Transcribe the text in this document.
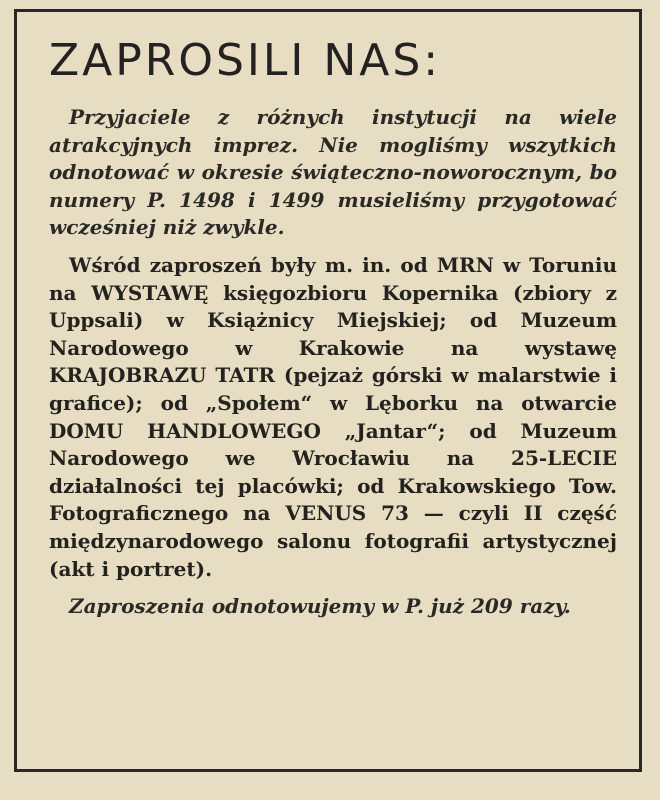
ZAPROSILI NAS:

Przyjaciele z różnych instytucji na wiele atrakcyjnych imprez. Nie mogliśmy wszytkich odnotować w okresie świąteczno-noworocznym, bo numery P. 1498 i 1499 musieliśmy przygotować wcześniej niż zwykle.

Wśród zaproszeń były m. in. od MRN w Toruniu na WYSTAWĘ księgozbioru Kopernika (zbiory z Uppsali) w Książnicy Miejskiej; od Muzeum Narodowego w Krakowie na wystawę KRAJOBRAZU TATR (pejzaż górski w malarstwie i grafice); od „Społem“ w Lęborku na otwarcie DOMU HANDLOWEGO „Jantar“; od Muzeum Narodowego we Wrocławiu na 25-LECIE działalności tej placówki; od Krakowskiego Tow. Fotograficznego na VENUS 73 — czyli II część międzynarodowego salonu fotografii artystycznej (akt i portret).

Zaproszenia odnotowujemy w P. już 209 razy.
